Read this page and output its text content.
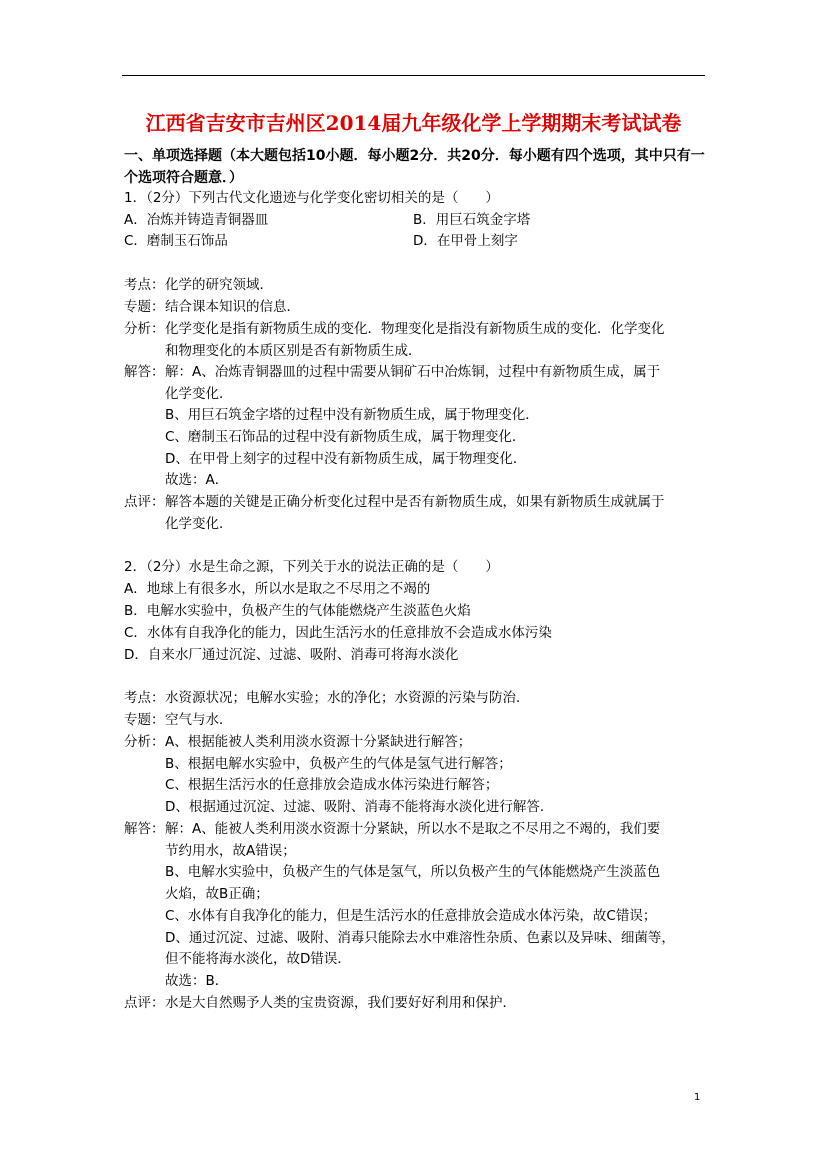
江西省吉安市吉州区2014届九年级化学上学期期末考试试卷
一、单项选择题（本大题包括10小题．每小题2分．共20分．每小题有四个选项，其中只有一个选项符合题意．）
1．（2分）下列古代文化遗迹与化学变化密切相关的是（　　）
A．冶炼并铸造青铜器皿	B．用巨石筑金字塔
C．磨制玉石饰品	D．在甲骨上刻字
考点： 化学的研究领域．
专题： 结合课本知识的信息．
分析： 化学变化是指有新物质生成的变化．物理变化是指没有新物质生成的变化．化学变化
和物理变化的本质区别是否有新物质生成．
解答： 解：A、冶炼青铜器皿的过程中需要从铜矿石中冶炼铜，过程中有新物质生成，属于
化学变化．
B、用巨石筑金字塔的过程中没有新物质生成，属于物理变化．
C、磨制玉石饰品的过程中没有新物质生成，属于物理变化．
D、在甲骨上刻字的过程中没有新物质生成，属于物理变化．
故选：A．
点评： 解答本题的关键是正确分析变化过程中是否有新物质生成，如果有新物质生成就属于
化学变化．
2．（2分）水是生命之源，下列关于水的说法正确的是（　　）
A．地球上有很多水，所以水是取之不尽用之不竭的
B．电解水实验中，负极产生的气体能燃烧产生淡蓝色火焰
C．水体有自我净化的能力，因此生活污水的任意排放不会造成水体污染
D．自来水厂通过沉淀、过滤、吸附、消毒可将海水淡化
考点： 水资源状况；电解水实验；水的净化；水资源的污染与防治．
专题： 空气与水．
分析： A、根据能被人类利用淡水资源十分紧缺进行解答；
B、根据电解水实验中，负极产生的气体是氢气进行解答；
C、根据生活污水的任意排放会造成水体污染进行解答；
D、根据通过沉淀、过滤、吸附、消毒不能将海水淡化进行解答．
解答： 解：A、能被人类利用淡水资源十分紧缺，所以水不是取之不尽用之不竭的，我们要
节约用水，故A错误；
B、电解水实验中，负极产生的气体是氢气，所以负极产生的气体能燃烧产生淡蓝色
火焰，故B正确；
C、水体有自我净化的能力，但是生活污水的任意排放会造成水体污染，故C错误；
D、通过沉淀、过滤、吸附、消毒只能除去水中难溶性杂质、色素以及异味、细菌等，
但不能将海水淡化，故D错误．
故选：B．
点评： 水是大自然赐予人类的宝贵资源，我们要好好利用和保护．
1
